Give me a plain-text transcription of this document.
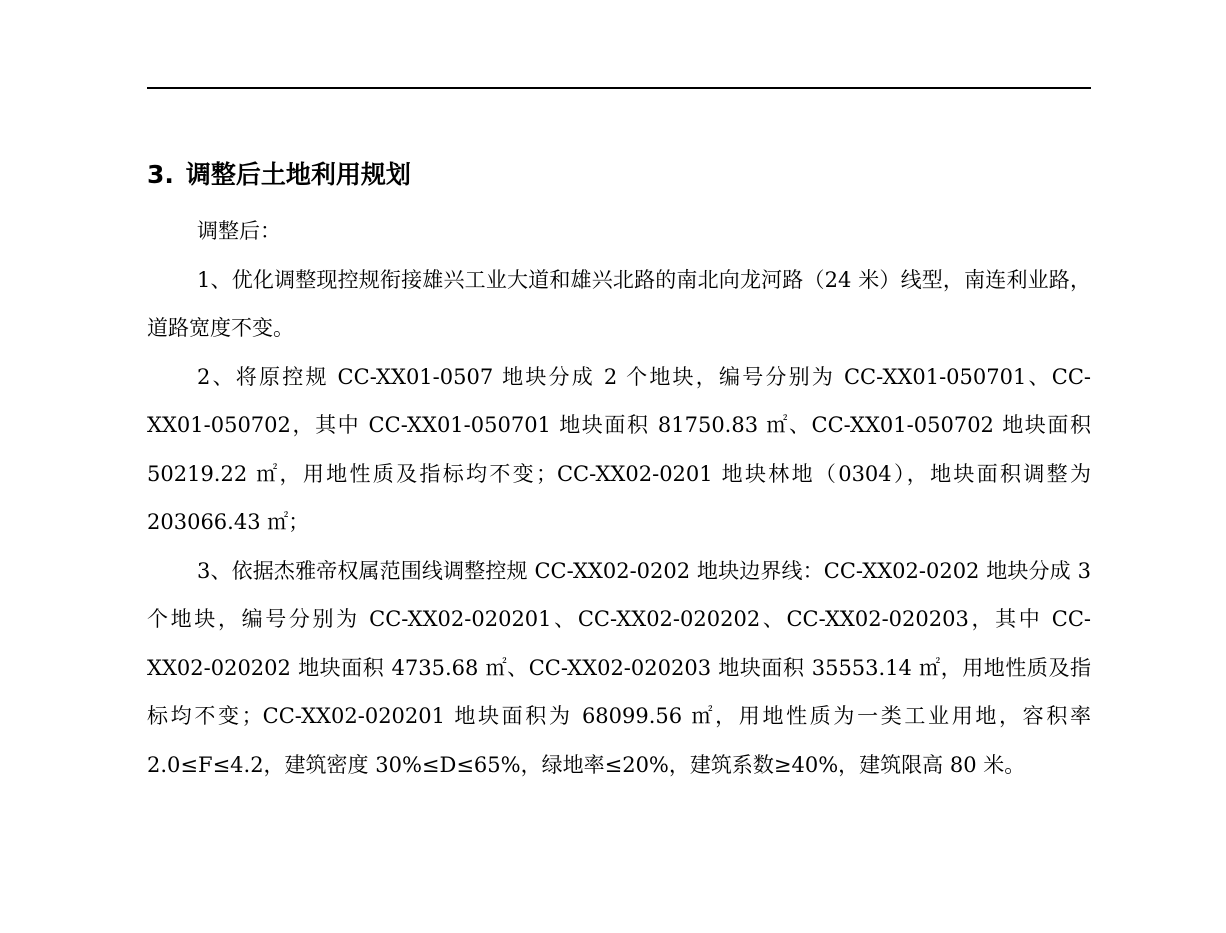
3. 调整后土地利用规划

调整后：

1、优化调整现控规衔接雄兴工业大道和雄兴北路的南北向龙河路（24 米）线型，南连利业路，道路宽度不变。

2、将原控规 CC-XX01-0507 地块分成 2 个地块，编号分别为 CC-XX01-050701、CC-XX01-050702，其中 CC-XX01-050701 地块面积 81750.83 ㎡、CC-XX01-050702 地块面积 50219.22 ㎡，用地性质及指标均不变；CC-XX02-0201 地块林地（0304），地块面积调整为 203066.43 ㎡；

3、依据杰雅帝权属范围线调整控规 CC-XX02-0202 地块边界线：CC-XX02-0202 地块分成 3 个地块，编号分别为 CC-XX02-020201、CC-XX02-020202、CC-XX02-020203，其中 CC-XX02-020202 地块面积 4735.68 ㎡、CC-XX02-020203 地块面积 35553.14 ㎡，用地性质及指标均不变；CC-XX02-020201 地块面积为 68099.56 ㎡，用地性质为一类工业用地，容积率 2.0≤F≤4.2，建筑密度 30%≤D≤65%，绿地率≤20%，建筑系数≥40%，建筑限高 80 米。
